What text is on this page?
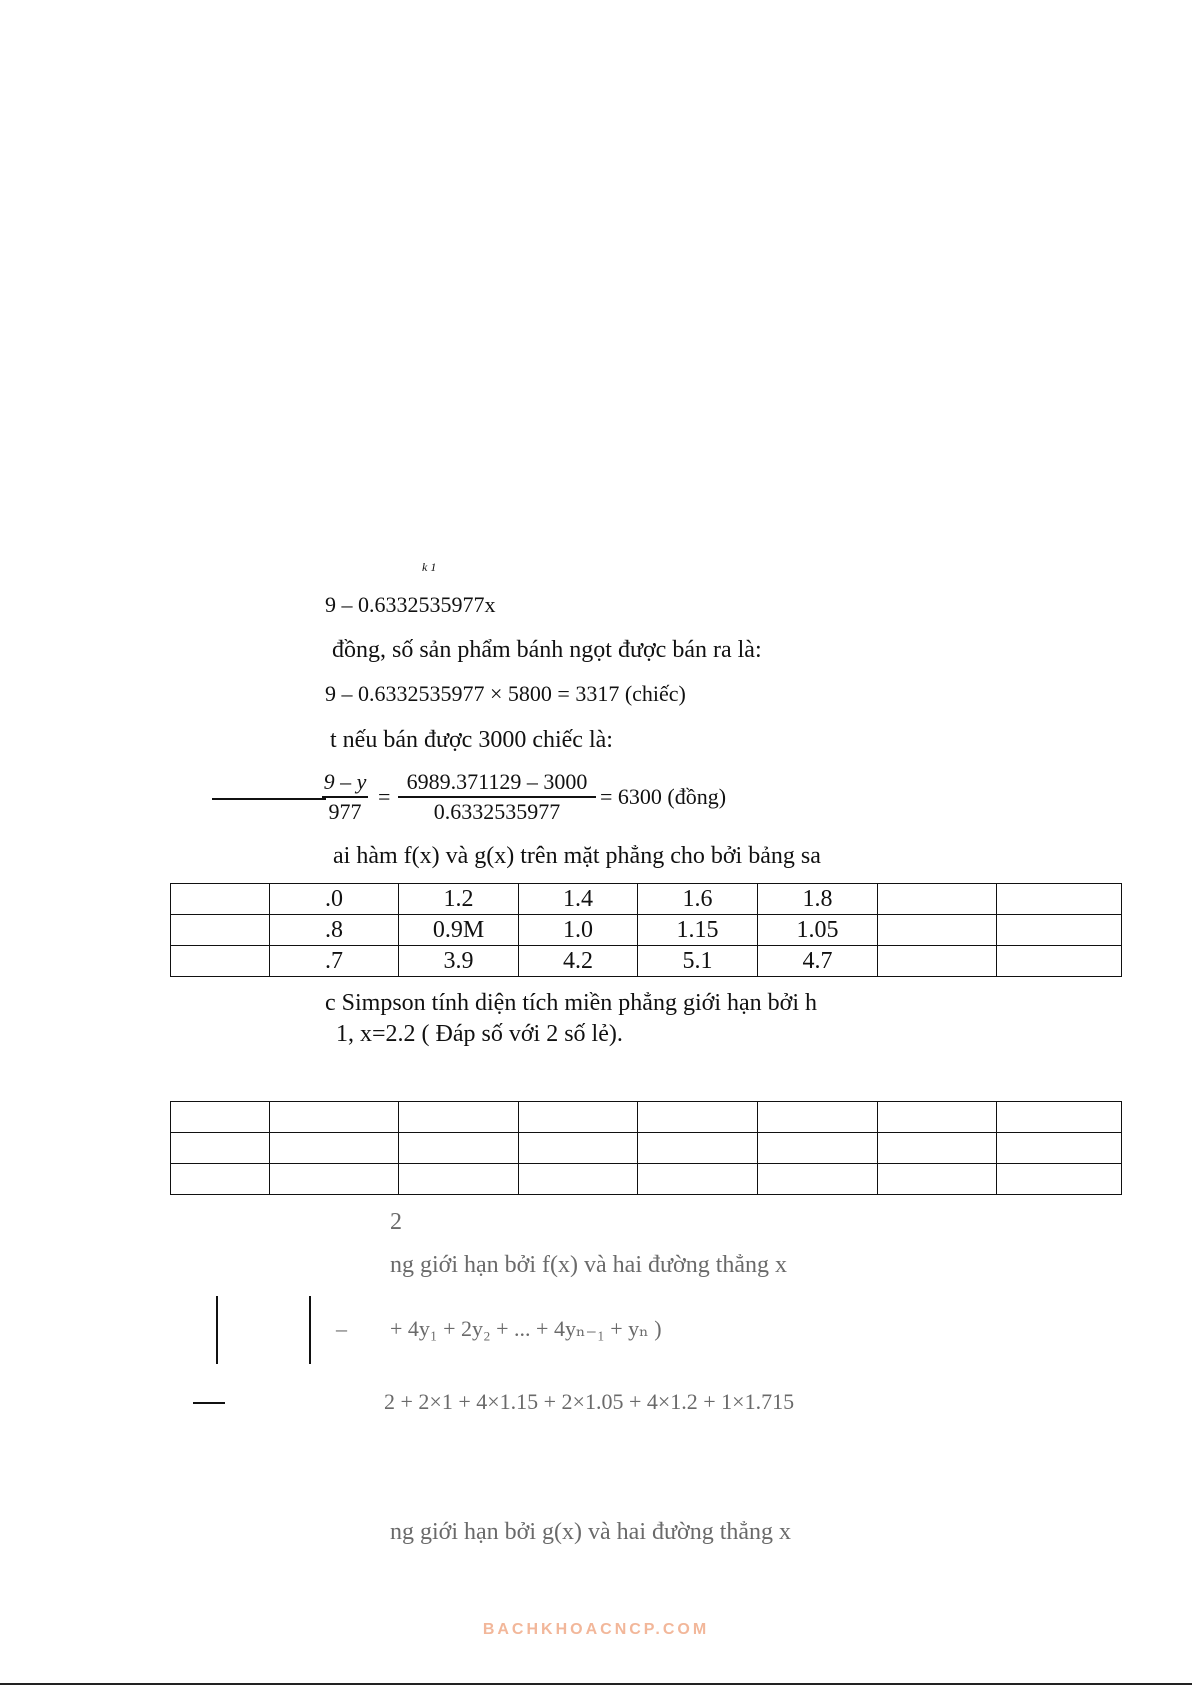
k 1
9 – 0.6332535977x
đồng, số sản phẩm bánh ngọt được bán ra là:
9 – 0.6332535977 × 5800 = 3317 (chiếc)
t nếu bán được 3000 chiếc là:
9 – y
977
=
6989.371129 – 3000
0.6332535977
= 6300 (đồng)
ai hàm f(x) và g(x) trên mặt phẳng cho bởi bảng sa
	.0	1.2	1.4	1.6	1.8		
	.8	0.9M	1.0	1.15	1.05		
	.7	3.9	4.2	5.1	4.7		
c Simpson tính diện tích miền phẳng giới hạn bởi h
1, x=2.2 ( Đáp số với 2 số lẻ).

2
ng giới hạn bởi f(x) và hai đường thẳng x
– + 4y₁ + 2y₂ + ... + 4yₙ₋₁ + yₙ )
2 + 2×1 + 4×1.15 + 2×1.05 + 4×1.2 + 1×1.715
ng giới hạn bởi g(x) và hai đường thẳng x
BACHKHOACNCP.COM
